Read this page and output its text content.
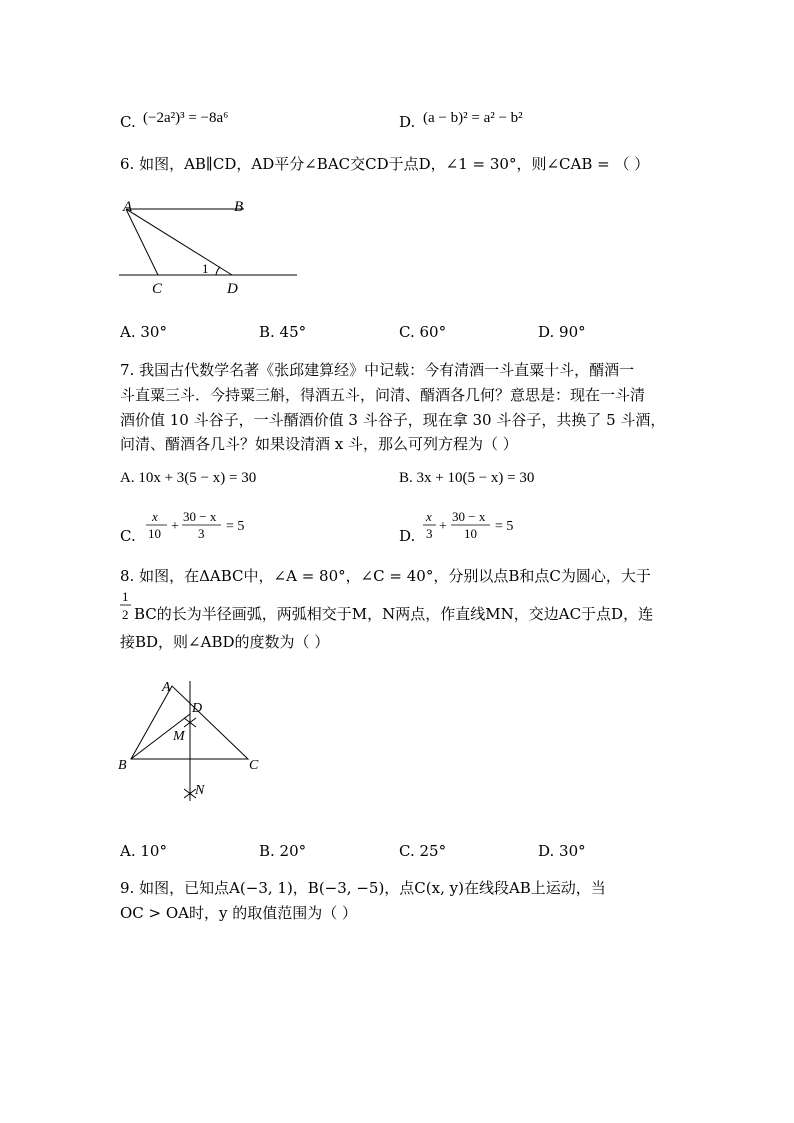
C. (−2a²)³ = −8a⁶	D. (a − b)² = a² − b²
6. 如图，AB∥CD，AD平分∠BAC交CD于点D，∠1 = 30°，则∠CAB = （ ）
A	B
C	D
1
A. 30°	B. 45°	C. 60°	D. 90°
7. 我国古代数学名著《张邱建算经》中记载：今有清酒一斗直粟十斗，醑酒一
斗直粟三斗．今持粟三斛，得酒五斗，问清、醑酒各几何？意思是：现在一斗清
酒价值 10 斗谷子，一斗醑酒价值 3 斗谷子，现在拿 30 斗谷子，共换了 5 斗酒，
问清、醑酒各几斗？如果设清酒 x 斗，那么可列方程为（ ）
A. 10x + 3(5 − x) = 30	B. 3x + 10(5 − x) = 30
C.
x
10 +
30 − x
3 = 5
D.
x
3 +
30 − x
10 = 5
8. 如图，在ΔABC中，∠A = 80°，∠C = 40°，分别以点B和点C为圆心，大于
1
2 BC的长为半径画弧，两弧相交于M，N两点，作直线MN，交边AC于点D，连
接BD，则∠ABD的度数为（ ）
A
D
M
B	C
N
A. 10°	B. 20°	C. 25°	D. 30°
9. 如图，已知点A(−3, 1)，B(−3, −5)，点C(x, y)在线段AB上运动，当
OC > OA时，y 的取值范围为（ ）
